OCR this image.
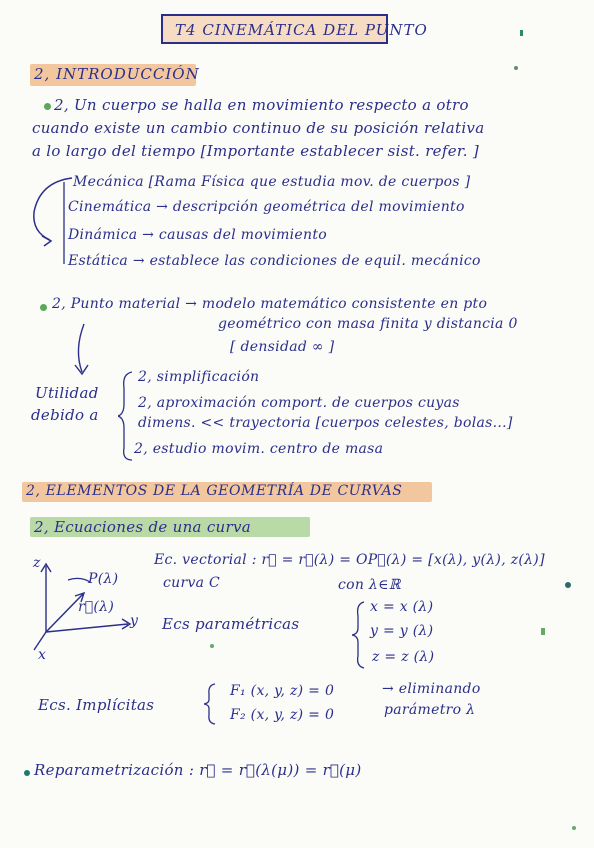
T4 CINEMÁTICA DEL PUNTO
2, INTRODUCCIÓN
2, Un cuerpo se halla en movimiento respecto a otro
cuando existe un cambio continuo de su posición relativa
a lo largo del tiempo [Importante establecer sist. refer. ]
Mecánica [Rama Física que estudia mov. de cuerpos ]
Cinemática → descripción geométrica del movimiento
Dinámica → causas del movimiento
Estática → establece las condiciones de equil. mecánico
2, Punto material → modelo matemático consistente en pto
geométrico con masa finita y distancia 0
[ densidad ∞ ]
Utilidad
debido a
2, simplificación
2, aproximación comport. de cuerpos cuyas
dimens. << trayectoria [cuerpos celestes, bolas...]
2, estudio movim. centro de masa
2, ELEMENTOS DE LA GEOMETRÍA DE CURVAS
2, Ecuaciones de una curva
z
y
x
P(λ)
r⃗(λ)
Ec. vectorial : r⃗ = r⃗(λ) = OP⃗(λ) = [x(λ), y(λ), z(λ)]
curva C	con λ∈ℝ
Ecs paramétricas
x = x (λ)
y = y (λ)
z = z (λ)
Ecs. Implícitas
F₁ (x, y, z) = 0
F₂ (x, y, z) = 0
→ eliminando
parámetro λ
Reparametrización : r⃗ = r⃗(λ(μ)) = r⃗(μ)
